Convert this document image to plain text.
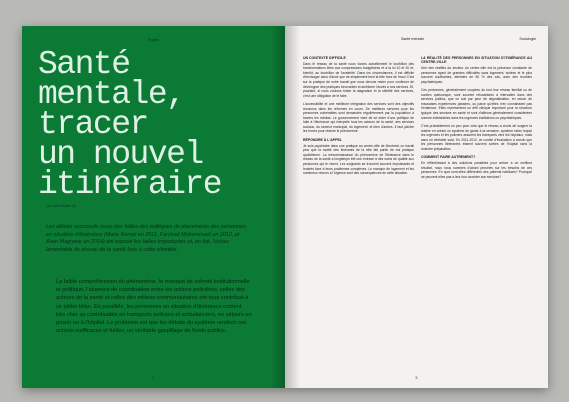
Projets
Santé
mentale,
tracer
un nouvel
itinéraire
par Céline Mattéo (ill)

Les débats successifs issus des failles des politiques de placements des personnes en situation d'itinérance (Marie Kernel en 2011, Farshad Mohammadi en 2012, et Alain Magnane en 2014) ont exposé les failles importantes et, en fait, l'échec lamentable du réseau de la santé face à cette clientèle.

La faible compréhension du phénomène, le manque de volonté institutionnelle et politique, l'absence de coordination entre les actions policières, celles des acteurs de la santé et celles des milieux communautaires ont tous contribué à ce piètre bilan. En parallèle, les personnes en situation d'itinérance coûtent très cher au contribuable en transports policiers et ambulanciers, en séjours en prison ou à l'hôpital. Le problème est que les débats du système rendent ces actions inefficaces et futiles, un véritable gaspillage de fonds publics.

4
Santé mentale	Sociologie
UN CONTEXTE DIFFICILE

Dans le réseau de la santé nous vivons actuellement le tourbillon des transformations liées aux compressions budgétaires et à la loi 10 et 20 et, bientôt, au tourbillon de l'austérité. Dans les circonstances, il est difficile d'envisager alors d'avoir que de simplement tenir la tête hors de l'eau! C'est sur la pratique de notre travail que nous devons rester pour continuer de développer des pratiques innovantes et améliorer l'accès à nos services. Et, pourtant, si nous voulons briser la stagnation et la stérilité des services, c'est une obligation de le faire.

L'accessibilité et une meilleure intégration des services sont des objectifs reconnus dans les réformes en cours. De meilleurs services pour les personnes vulnérables sont demandés régulièrement par la population à travers les médias. Le gouvernement vient de se doter d'une politique de lutte à l'itinérance qui interpelle tous les acteurs de la santé, des services sociaux, du secteur municipal, du logement, et bien d'autres. Il faut joindre les forces pour réduire le phénomène.

RÉPONDRE À L'APPEL

Je suis psychiatre dans une pratique au centre-ville de Montréal; ce travail plus que la moitié des itinérants de la ville fait partie de ma pratique quotidienne. La méconnaissance du phénomène de l'itinérance dans le réseau de la santé a longtemps été une entrave à des soins de qualité aux personnes qui le vivent. Les soignants se trouvent souvent impuissants et frustrés face à leurs problèmes complexes. Le manque de logement et les nombreux retours à l'urgence sont des conséquences de cette situation.

LA RÉALITÉ DES PERSONNES EN SITUATION D'ITINÉRANCE AU CENTRE-VILLE

Une des réalités du secteur du centre-ville est la présence constante de personnes ayant de grandes difficultés sans logement, isolées et le plus souvent souffrantes, atteintes de 50 % des cas, avec des troubles psychiatriques.

Ces personnes, généralement coupées du tout leur réseau familial ou de soutien quelconque, sont souvent relocalisées à intervalles dans des services publics, que ce soit par peur de stigmatisation, en raison de mauvaises expériences passées, ou parce qu'elles n'en connaissent pas l'existence. Elles représentent un défi clinique important pour la structure typique des services en santé et sont d'ailleurs généralement considérées comme indésirables dans les urgences institutions ou psychiatriques.

C'est probablement un peu pour cela que le réseau a choisi de soigner la misère en créant un système de garde à la semaine, système selon lequel les urgences et les policiers assurent les transports vers les hôpitaux, mais sans un véritable suivi. En 2011-2012, ce comité d'évaluation a conclu que les personnes itinérantes étaient souvent sorties de l'hôpital sans la moindre préparation.

COMMENT FAIRE AUTREMENT?

En réfléchissant à des solutions possibles pour arriver à un meilleur résultat, nous nous sommes d'abord penchés sur les besoins de ces personnes. En quoi sont-elles différentes des patients habituels? Pourquoi ne peuvent-elles pas à leur tour accéder aux services?

5
